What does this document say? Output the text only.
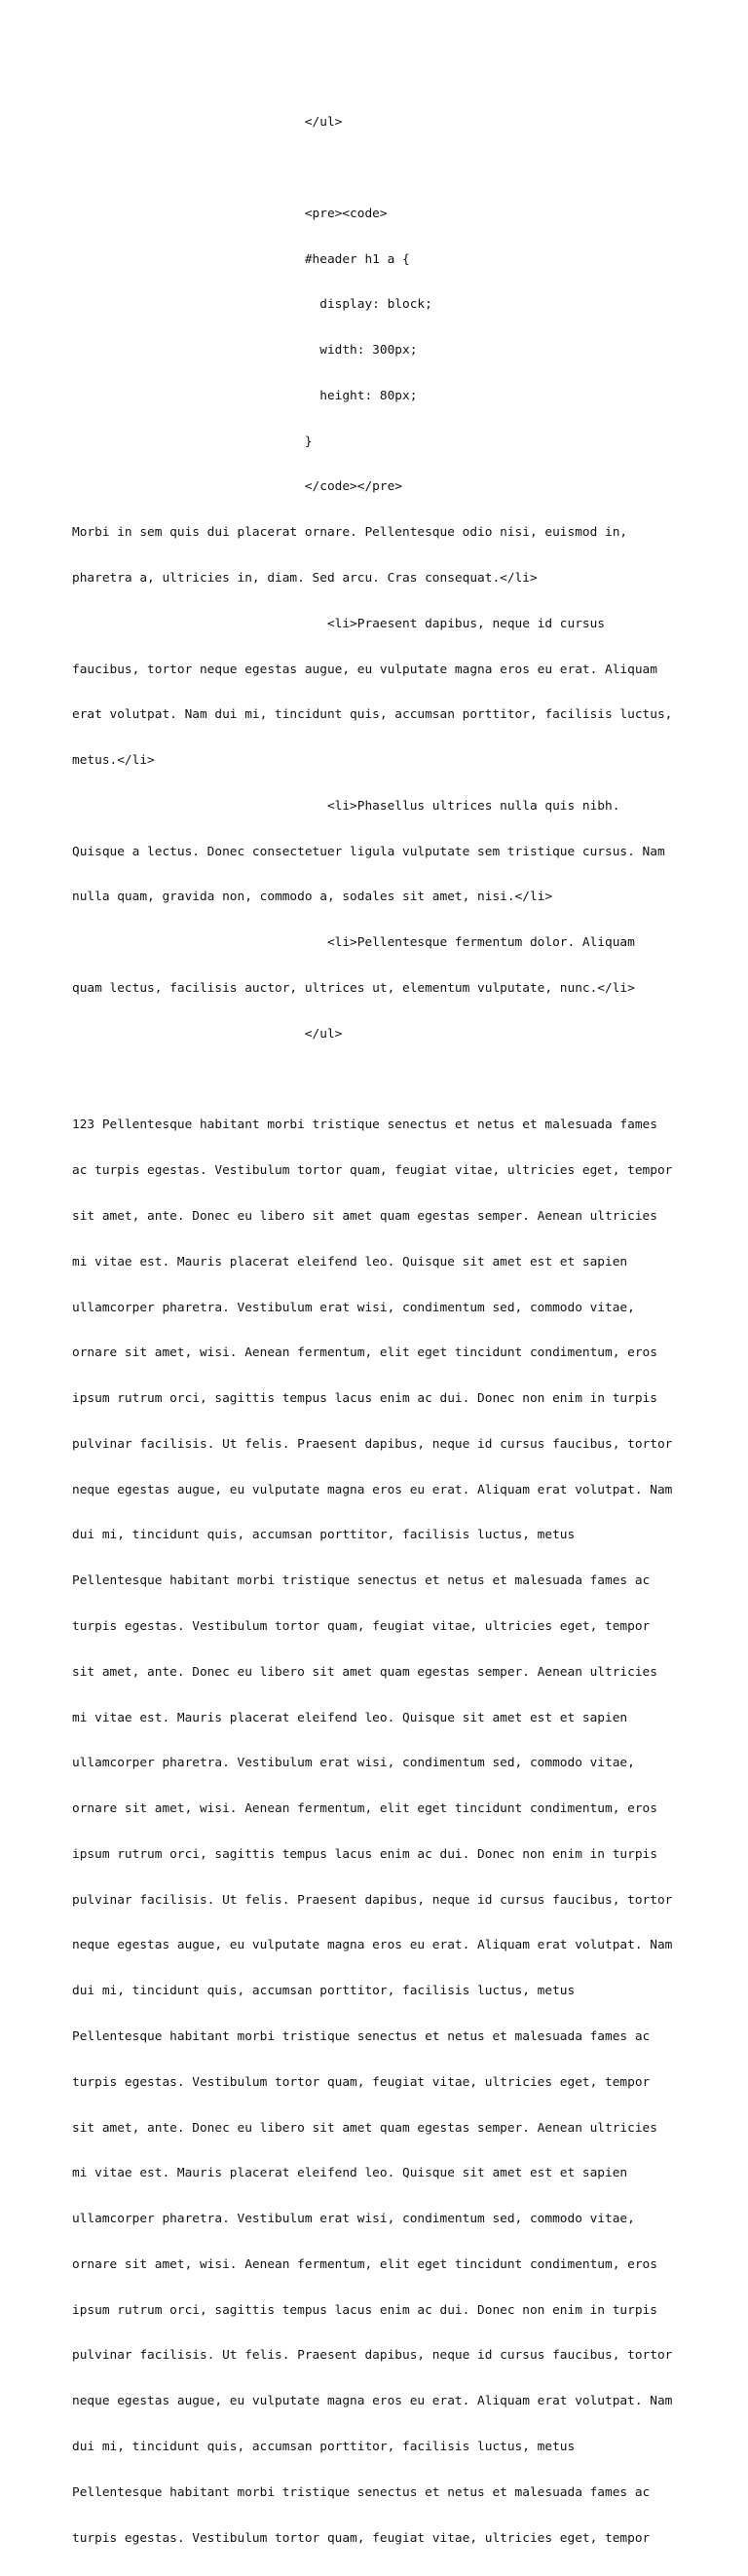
</ul>

<pre><code>

#header h1 a {

display: block;

width: 300px;

height: 80px;

}

</code></pre>

Morbi in sem quis dui placerat ornare. Pellentesque odio nisi, euismod in,

pharetra a, ultricies in, diam. Sed arcu. Cras consequat.</li>

<li>Praesent dapibus, neque id cursus

faucibus, tortor neque egestas augue, eu vulputate magna eros eu erat. Aliquam

erat volutpat. Nam dui mi, tincidunt quis, accumsan porttitor, facilisis luctus,

metus.</li>

<li>Phasellus ultrices nulla quis nibh.

Quisque a lectus. Donec consectetuer ligula vulputate sem tristique cursus. Nam

nulla quam, gravida non, commodo a, sodales sit amet, nisi.</li>

<li>Pellentesque fermentum dolor. Aliquam

quam lectus, facilisis auctor, ultrices ut, elementum vulputate, nunc.</li>

</ul>

123 Pellentesque habitant morbi tristique senectus et netus et malesuada fames

ac turpis egestas. Vestibulum tortor quam, feugiat vitae, ultricies eget, tempor

sit amet, ante. Donec eu libero sit amet quam egestas semper. Aenean ultricies

mi vitae est. Mauris placerat eleifend leo. Quisque sit amet est et sapien

ullamcorper pharetra. Vestibulum erat wisi, condimentum sed, commodo vitae,

ornare sit amet, wisi. Aenean fermentum, elit eget tincidunt condimentum, eros

ipsum rutrum orci, sagittis tempus lacus enim ac dui. Donec non enim in turpis

pulvinar facilisis. Ut felis. Praesent dapibus, neque id cursus faucibus, tortor

neque egestas augue, eu vulputate magna eros eu erat. Aliquam erat volutpat. Nam

dui mi, tincidunt quis, accumsan porttitor, facilisis luctus, metus

Pellentesque habitant morbi tristique senectus et netus et malesuada fames ac

turpis egestas. Vestibulum tortor quam, feugiat vitae, ultricies eget, tempor

sit amet, ante. Donec eu libero sit amet quam egestas semper. Aenean ultricies

mi vitae est. Mauris placerat eleifend leo. Quisque sit amet est et sapien

ullamcorper pharetra. Vestibulum erat wisi, condimentum sed, commodo vitae,

ornare sit amet, wisi. Aenean fermentum, elit eget tincidunt condimentum, eros

ipsum rutrum orci, sagittis tempus lacus enim ac dui. Donec non enim in turpis

pulvinar facilisis. Ut felis. Praesent dapibus, neque id cursus faucibus, tortor

neque egestas augue, eu vulputate magna eros eu erat. Aliquam erat volutpat. Nam

dui mi, tincidunt quis, accumsan porttitor, facilisis luctus, metus

Pellentesque habitant morbi tristique senectus et netus et malesuada fames ac

turpis egestas. Vestibulum tortor quam, feugiat vitae, ultricies eget, tempor

sit amet, ante. Donec eu libero sit amet quam egestas semper. Aenean ultricies

mi vitae est. Mauris placerat eleifend leo. Quisque sit amet est et sapien

ullamcorper pharetra. Vestibulum erat wisi, condimentum sed, commodo vitae,

ornare sit amet, wisi. Aenean fermentum, elit eget tincidunt condimentum, eros

ipsum rutrum orci, sagittis tempus lacus enim ac dui. Donec non enim in turpis

pulvinar facilisis. Ut felis. Praesent dapibus, neque id cursus faucibus, tortor

neque egestas augue, eu vulputate magna eros eu erat. Aliquam erat volutpat. Nam

dui mi, tincidunt quis, accumsan porttitor, facilisis luctus, metus

Pellentesque habitant morbi tristique senectus et netus et malesuada fames ac

turpis egestas. Vestibulum tortor quam, feugiat vitae, ultricies eget, tempor
